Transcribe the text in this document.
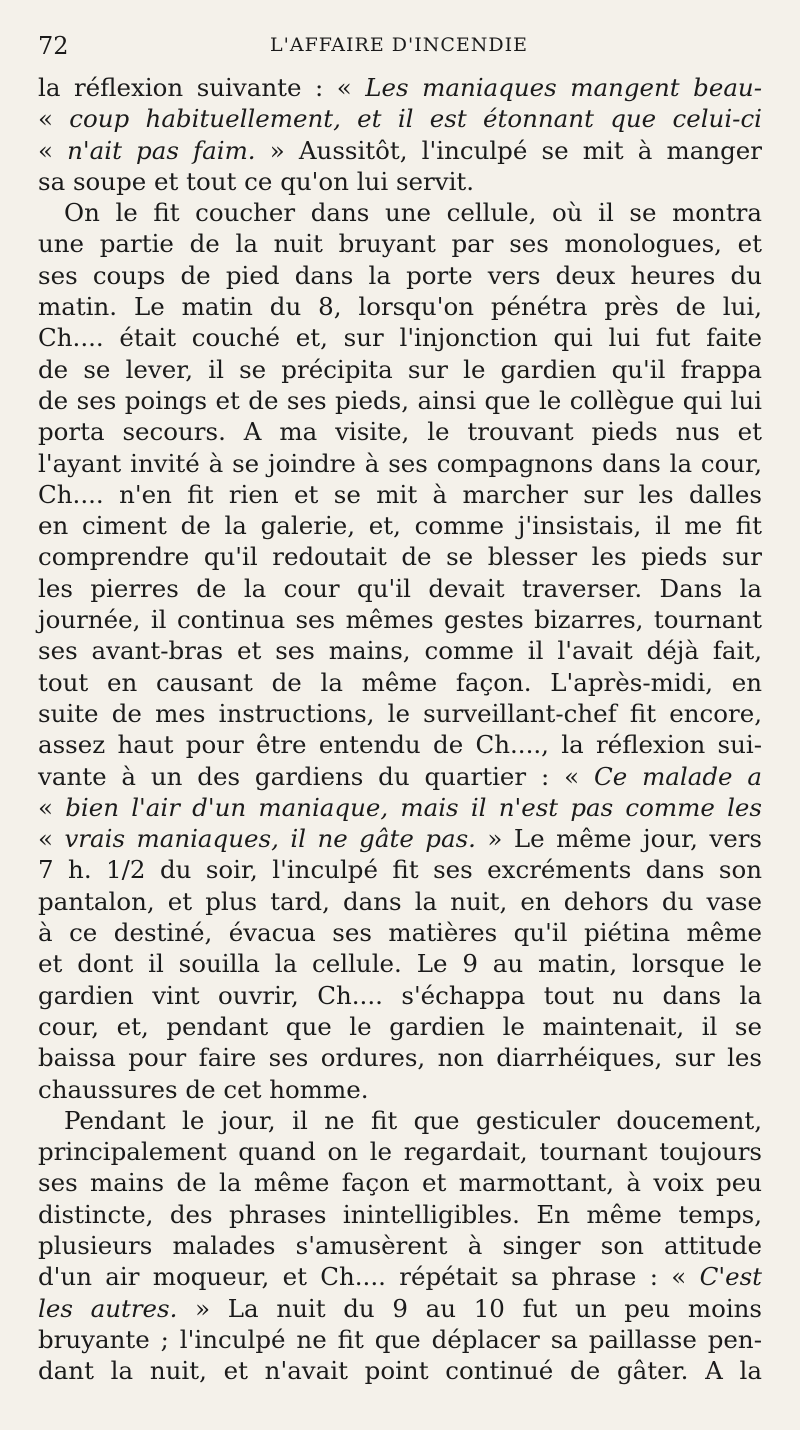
72	L'AFFAIRE D'INCENDIE
la réflexion suivante : « Les maniaques mangent beau-
« coup habituellement, et il est étonnant que celui-ci
« n'ait pas faim. » Aussitôt, l'inculpé se mit à manger
sa soupe et tout ce qu'on lui servit.
On le fit coucher dans une cellule, où il se montra
une partie de la nuit bruyant par ses monologues, et
ses coups de pied dans la porte vers deux heures du
matin. Le matin du 8, lorsqu'on pénétra près de lui,
Ch.... était couché et, sur l'injonction qui lui fut faite
de se lever, il se précipita sur le gardien qu'il frappa
de ses poings et de ses pieds, ainsi que le collègue qui lui
porta secours. A ma visite, le trouvant pieds nus et
l'ayant invité à se joindre à ses compagnons dans la cour,
Ch.... n'en fit rien et se mit à marcher sur les dalles
en ciment de la galerie, et, comme j'insistais, il me fit
comprendre qu'il redoutait de se blesser les pieds sur
les pierres de la cour qu'il devait traverser. Dans la
journée, il continua ses mêmes gestes bizarres, tournant
ses avant-bras et ses mains, comme il l'avait déjà fait,
tout en causant de la même façon. L'après-midi, en
suite de mes instructions, le surveillant-chef fit encore,
assez haut pour être entendu de Ch...., la réflexion sui-
vante à un des gardiens du quartier : « Ce malade a
« bien l'air d'un maniaque, mais il n'est pas comme les
« vrais maniaques, il ne gâte pas. » Le même jour, vers
7 h. 1/2 du soir, l'inculpé fit ses excréments dans son
pantalon, et plus tard, dans la nuit, en dehors du vase
à ce destiné, évacua ses matières qu'il piétina même
et dont il souilla la cellule. Le 9 au matin, lorsque le
gardien vint ouvrir, Ch.... s'échappa tout nu dans la
cour, et, pendant que le gardien le maintenait, il se
baissa pour faire ses ordures, non diarrhéiques, sur les
chaussures de cet homme.
Pendant le jour, il ne fit que gesticuler doucement,
principalement quand on le regardait, tournant toujours
ses mains de la même façon et marmottant, à voix peu
distincte, des phrases inintelligibles. En même temps,
plusieurs malades s'amusèrent à singer son attitude
d'un air moqueur, et Ch.... répétait sa phrase : « C'est
les autres. » La nuit du 9 au 10 fut un peu moins
bruyante ; l'inculpé ne fit que déplacer sa paillasse pen-
dant la nuit, et n'avait point continué de gâter. A la
